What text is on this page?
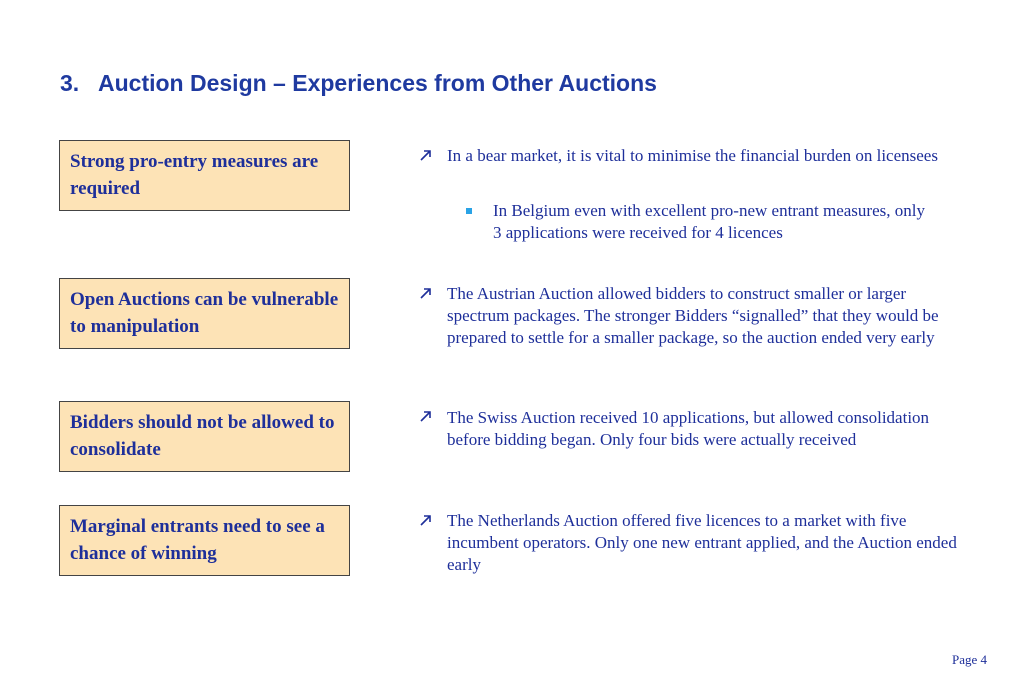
3. Auction Design – Experiences from Other Auctions
Strong pro-entry measures are required
In a bear market, it is vital to minimise the financial burden on licensees
In Belgium even with excellent pro-new entrant measures, only 3 applications were received for 4 licences
Open Auctions can be vulnerable to manipulation
The Austrian Auction allowed bidders to construct smaller or larger spectrum packages. The stronger Bidders “signalled” that they would be prepared to settle for a smaller package, so the auction ended very early
Bidders should not be allowed to consolidate
The Swiss Auction received 10 applications, but allowed consolidation before bidding began. Only four bids were actually received
Marginal entrants need to see a chance of winning
The Netherlands Auction offered five licences to a market with five incumbent operators. Only one new entrant applied, and the Auction ended early
Page 4
